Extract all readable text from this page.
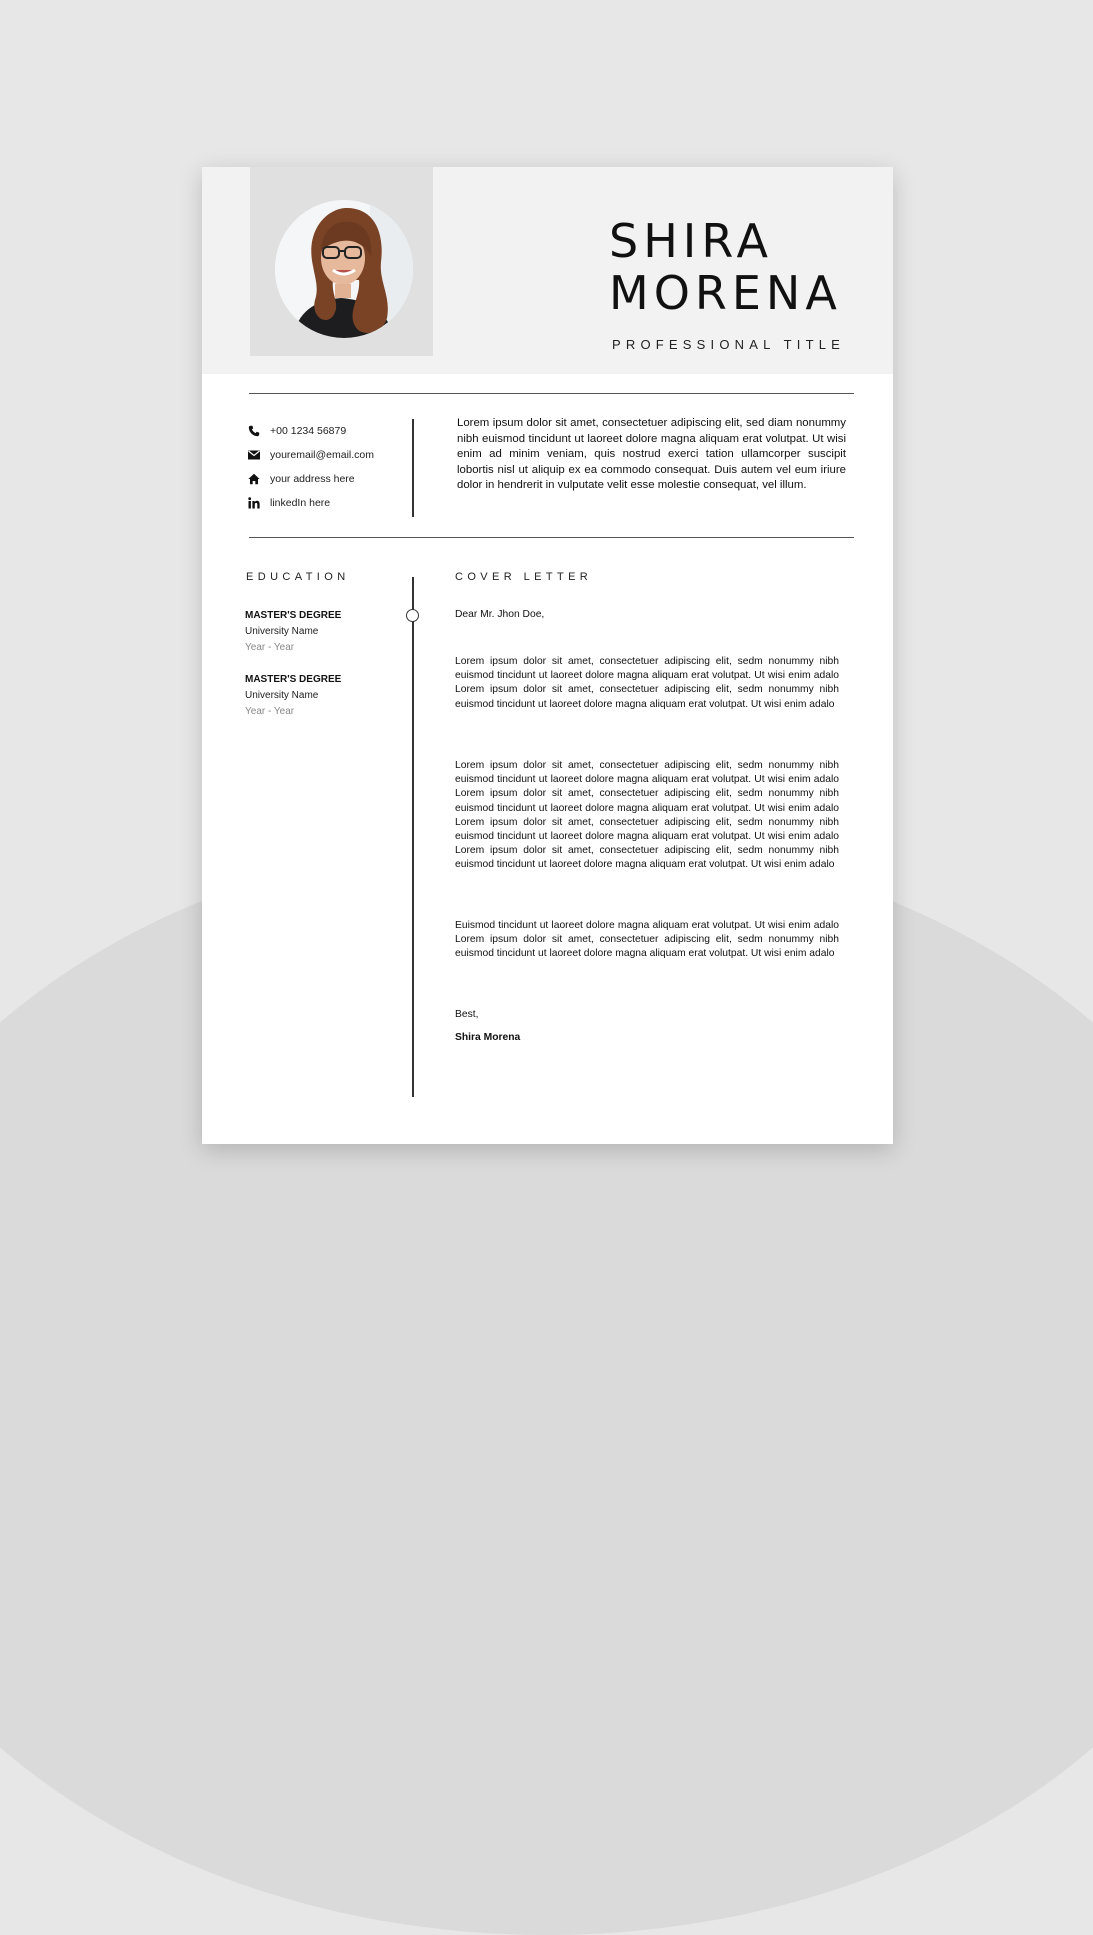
SHIRA
MORENA
PROFESSIONAL TITLE
+00 1234 56879
youremail@email.com
your address here
linkedIn here
Lorem ipsum dolor sit amet, consectetuer adipiscing elit, sed diam nonummy nibh euismod tincidunt ut laoreet dolore magna aliquam erat volutpat. Ut wisi enim ad minim veniam, quis nostrud exerci tation ullamcorper suscipit lobortis nisl ut aliquip ex ea commodo consequat. Duis autem vel eum iriure dolor in hendrerit in vulputate velit esse molestie consequat, vel illum.
EDUCATION	COVER LETTER
MASTER'S DEGREE
University Name
Year - Year
MASTER'S DEGREE
University Name
Year - Year
Dear Mr. Jhon Doe,
Lorem ipsum dolor sit amet, consectetuer adipiscing elit, sedm nonummy nibh euismod tincidunt ut laoreet dolore magna aliquam erat volutpat. Ut wisi enim adalo Lorem ipsum dolor sit amet, consectetuer adipiscing elit, sedm nonummy nibh euismod tincidunt ut laoreet dolore magna aliquam erat volutpat. Ut wisi enim adalo
Lorem ipsum dolor sit amet, consectetuer adipiscing elit, sedm nonummy nibh euismod tincidunt ut laoreet dolore magna aliquam erat volutpat. Ut wisi enim adalo Lorem ipsum dolor sit amet, consectetuer adipiscing elit, sedm nonummy nibh euismod tincidunt ut laoreet dolore magna aliquam erat volutpat. Ut wisi enim adalo Lorem ipsum dolor sit amet, consectetuer adipiscing elit, sedm nonummy nibh euismod tincidunt ut laoreet dolore magna aliquam erat volutpat. Ut wisi enim adalo Lorem ipsum dolor sit amet, consectetuer adipiscing elit, sedm nonummy nibh euismod tincidunt ut laoreet dolore magna aliquam erat volutpat. Ut wisi enim adalo
Euismod tincidunt ut laoreet dolore magna aliquam erat volutpat. Ut wisi enim adalo Lorem ipsum dolor sit amet, consectetuer adipiscing elit, sedm nonummy nibh euismod tincidunt ut laoreet dolore magna aliquam erat volutpat. Ut wisi enim adalo
Best,
Shira Morena
